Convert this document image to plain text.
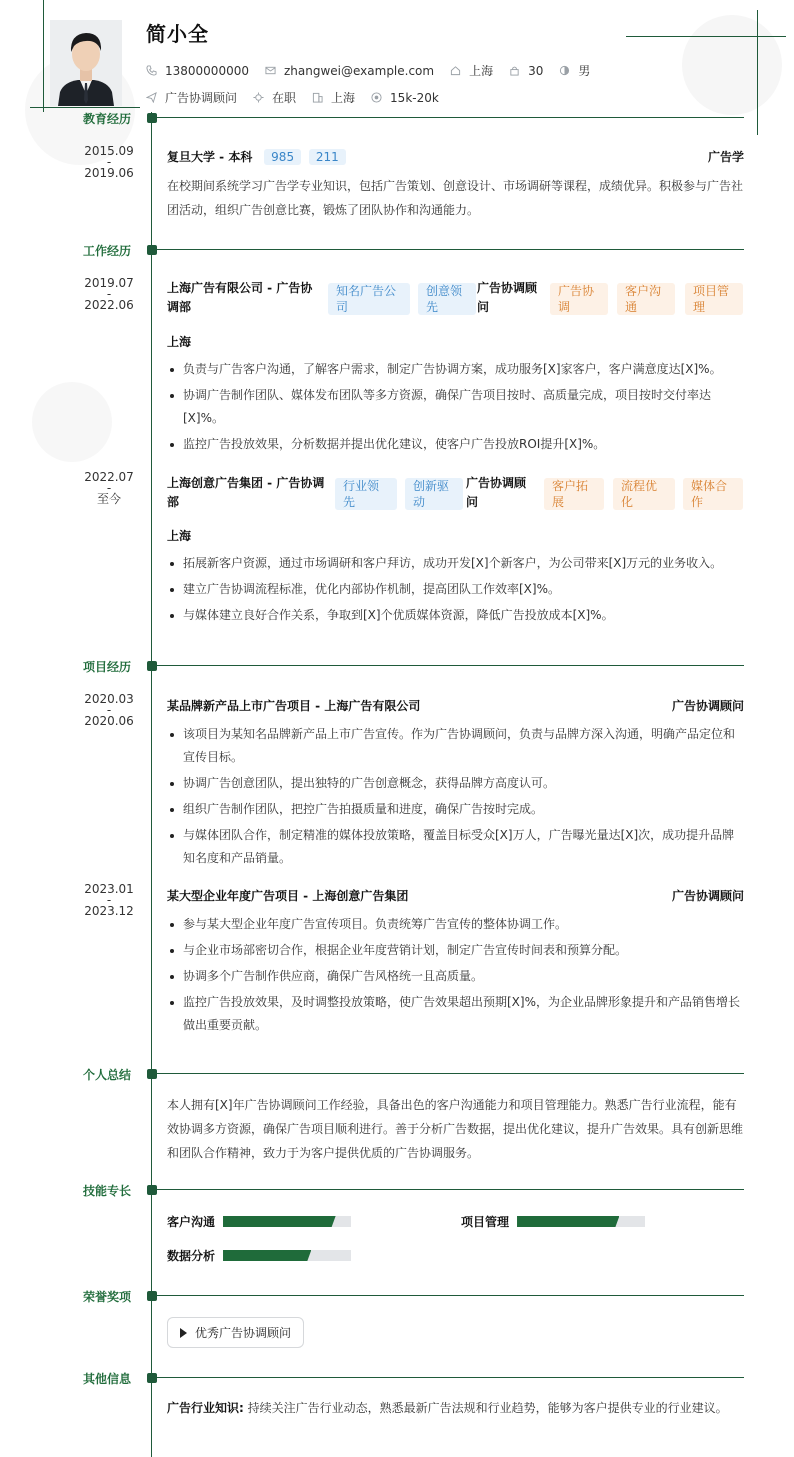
简小全
13800000000	zhangwei@example.com	上海	30	男
广告协调顾问	在职	上海	15k-20k
教育经历
2015.09
-
2019.06
复旦大学 - 本科 985 211	广告学
在校期间系统学习广告学专业知识，包括广告策划、创意设计、市场调研等课程，成绩优异。积极参与广告社团活动，组织广告创意比赛，锻炼了团队协作和沟通能力。
工作经历
2019.07
-
2022.06
上海广告有限公司 - 广告协调部
知名广告公司
创意领先
广告协调顾问
广告协调
客户沟通
项目管理
上海
负责与广告客户沟通，了解客户需求，制定广告协调方案，成功服务[X]家客户，客户满意度达[X]%。
协调广告制作团队、媒体发布团队等多方资源，确保广告项目按时、高质量完成，项目按时交付率达[X]%。
监控广告投放效果，分析数据并提出优化建议，使客户广告投放ROI提升[X]%。
2022.07
-
至今
上海创意广告集团 - 广告协调部
行业领先
创新驱动
广告协调顾问
客户拓展
流程优化
媒体合作
上海
拓展新客户资源，通过市场调研和客户拜访，成功开发[X]个新客户，为公司带来[X]万元的业务收入。
建立广告协调流程标准，优化内部协作机制，提高团队工作效率[X]%。
与媒体建立良好合作关系，争取到[X]个优质媒体资源，降低广告投放成本[X]%。
项目经历
2020.03
-
2020.06
某品牌新产品上市广告项目 - 上海广告有限公司	广告协调顾问
该项目为某知名品牌新产品上市广告宣传。作为广告协调顾问，负责与品牌方深入沟通，明确产品定位和宣传目标。
协调广告创意团队，提出独特的广告创意概念，获得品牌方高度认可。
组织广告制作团队，把控广告拍摄质量和进度，确保广告按时完成。
与媒体团队合作，制定精准的媒体投放策略，覆盖目标受众[X]万人，广告曝光量达[X]次，成功提升品牌知名度和产品销量。
2023.01
-
2023.12
某大型企业年度广告项目 - 上海创意广告集团	广告协调顾问
参与某大型企业年度广告宣传项目。负责统筹广告宣传的整体协调工作。
与企业市场部密切合作，根据企业年度营销计划，制定广告宣传时间表和预算分配。
协调多个广告制作供应商，确保广告风格统一且高质量。
监控广告投放效果，及时调整投放策略，使广告效果超出预期[X]%，为企业品牌形象提升和产品销售增长做出重要贡献。
个人总结
本人拥有[X]年广告协调顾问工作经验，具备出色的客户沟通能力和项目管理能力。熟悉广告行业流程，能有效协调多方资源，确保广告项目顺利进行。善于分析广告数据，提出优化建议，提升广告效果。具有创新思维和团队合作精神，致力于为客户提供优质的广告协调服务。
技能专长
客户沟通	项目管理
数据分析
荣誉奖项
优秀广告协调顾问
其他信息
广告行业知识: 持续关注广告行业动态，熟悉最新广告法规和行业趋势，能够为客户提供专业的行业建议。
